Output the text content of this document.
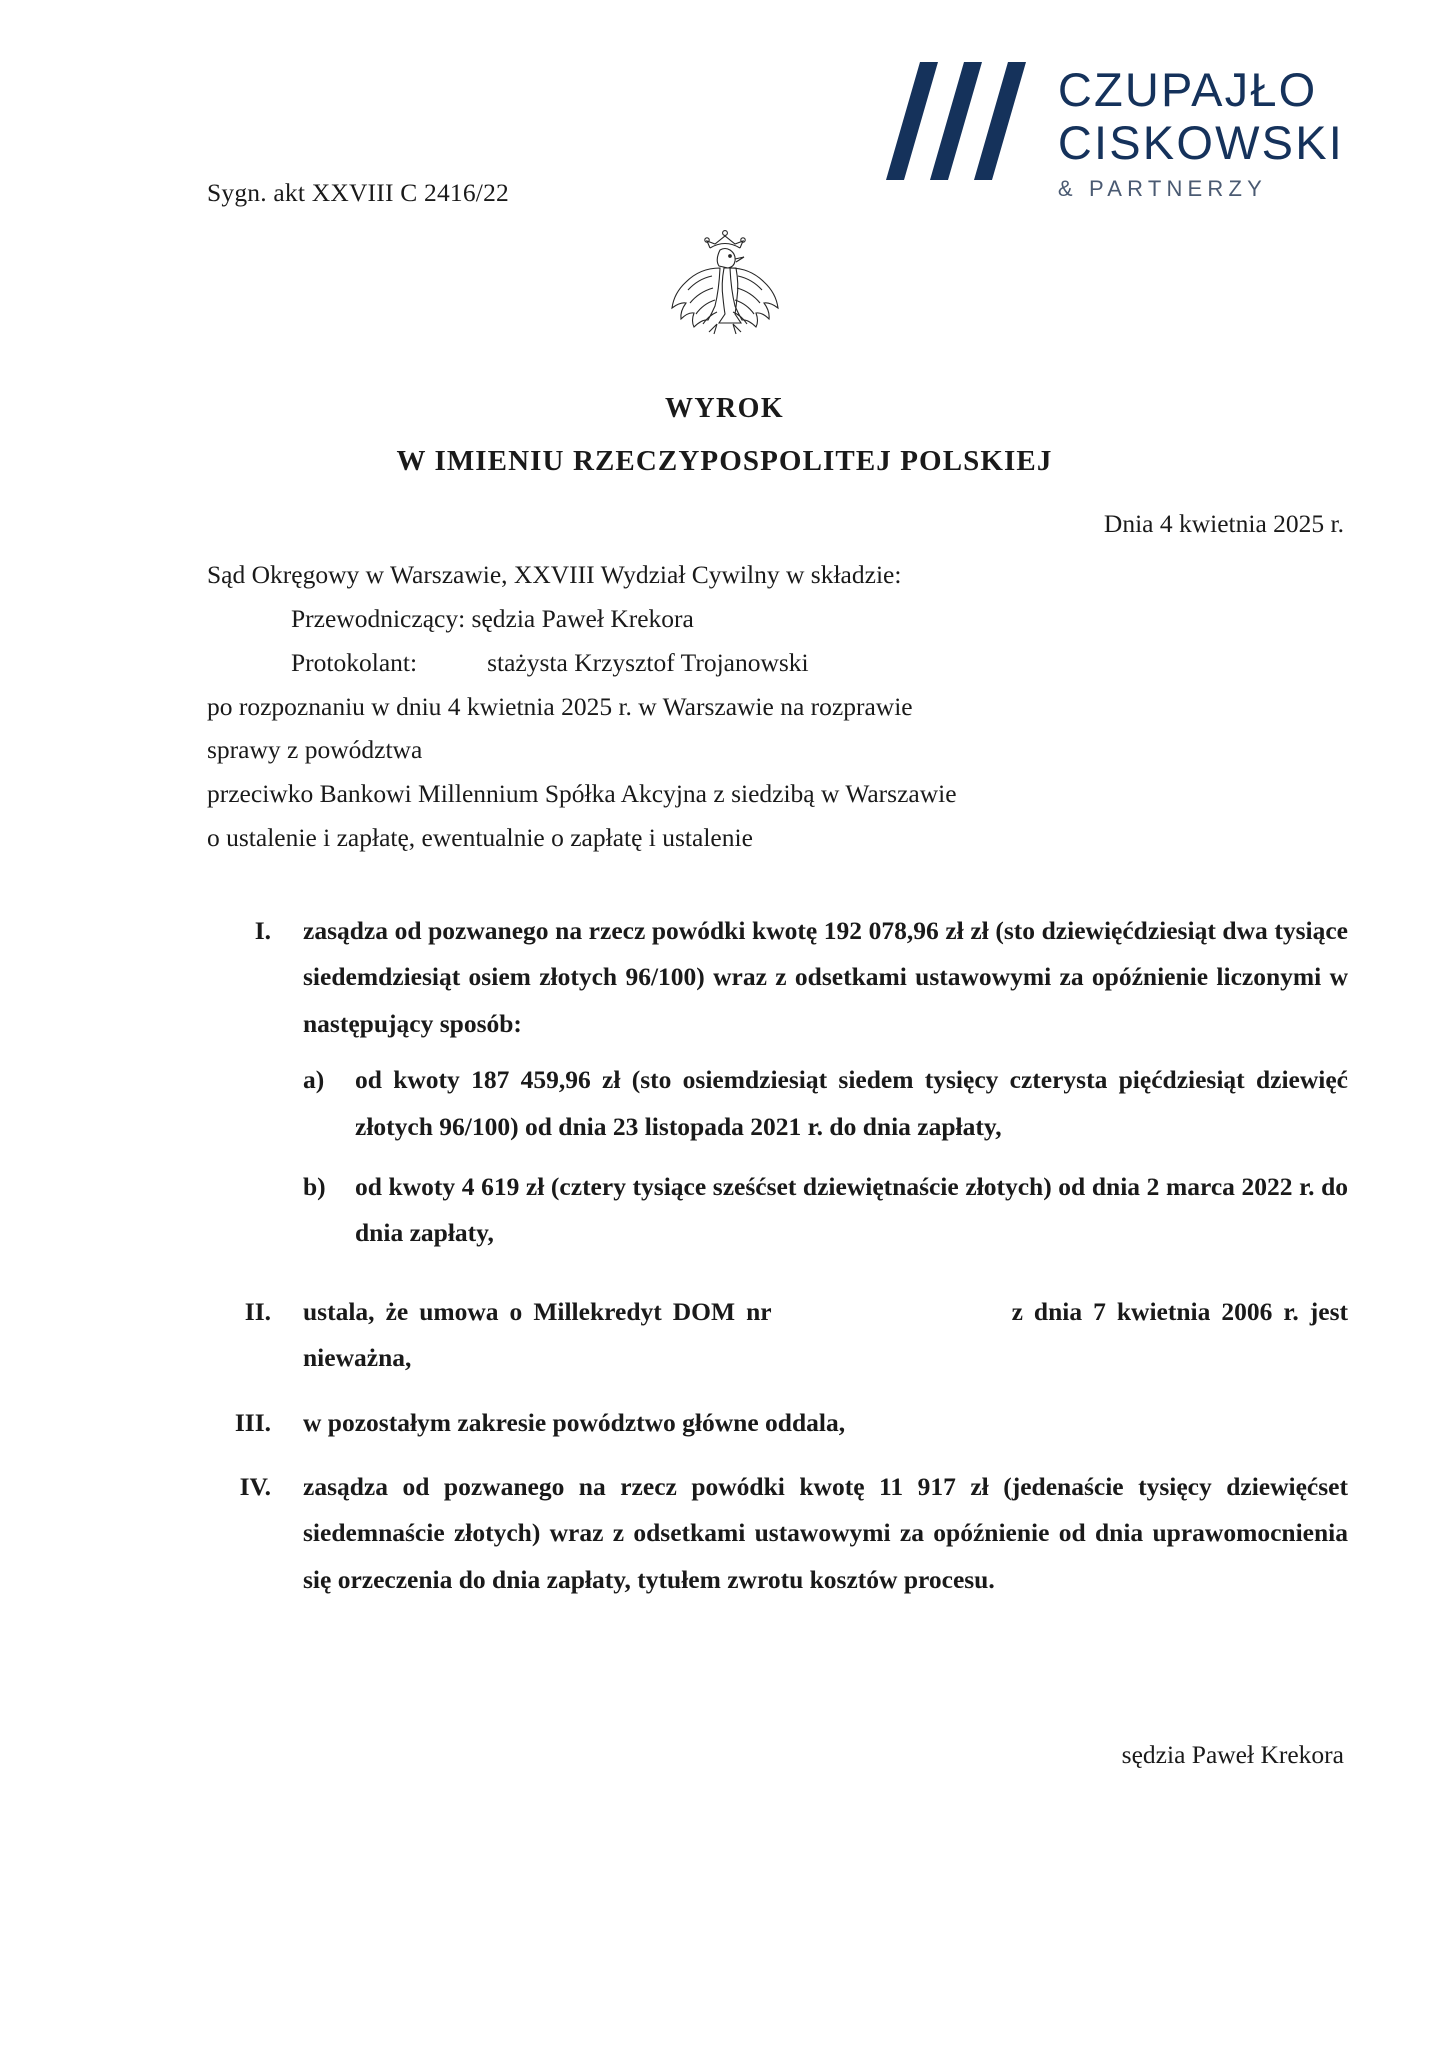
CZUPAJŁO
CISKOWSKI
& PARTNERZY
Sygn. akt XXVIII C 2416/22
WYROK
W IMIENIU RZECZYPOSPOLITEJ POLSKIEJ
Dnia 4 kwietnia 2025 r.
Sąd Okręgowy w Warszawie, XXVIII Wydział Cywilny w składzie:
Przewodniczący: sędzia Paweł Krekora
Protokolant:	stażysta Krzysztof Trojanowski
po rozpoznaniu w dniu 4 kwietnia 2025 r. w Warszawie na rozprawie
sprawy z powództwa
przeciwko Bankowi Millennium Spółka Akcyjna z siedzibą w Warszawie
o ustalenie i zapłatę, ewentualnie o zapłatę i ustalenie
I.	zasądza od pozwanego na rzecz powódki kwotę 192 078,96 zł zł (sto dziewięćdziesiąt dwa tysiące siedemdziesiąt osiem złotych 96/100) wraz z odsetkami ustawowymi za opóźnienie liczonymi w następujący sposób:
a)	od kwoty 187 459,96 zł (sto osiemdziesiąt siedem tysięcy czterysta pięćdziesiąt dziewięć złotych 96/100) od dnia 23 listopada 2021 r. do dnia zapłaty,
b)	od kwoty 4 619 zł (cztery tysiące sześćset dziewiętnaście złotych) od dnia 2 marca 2022 r. do dnia zapłaty,
II.	ustala, że umowa o Millekredyt DOM nr	z dnia 7 kwietnia 2006 r. jest nieważna,
III.	w pozostałym zakresie powództwo główne oddala,
IV.	zasądza od pozwanego na rzecz powódki kwotę 11 917 zł (jedenaście tysięcy dziewięćset siedemnaście złotych) wraz z odsetkami ustawowymi za opóźnienie od dnia uprawomocnienia się orzeczenia do dnia zapłaty, tytułem zwrotu kosztów procesu.
sędzia Paweł Krekora
